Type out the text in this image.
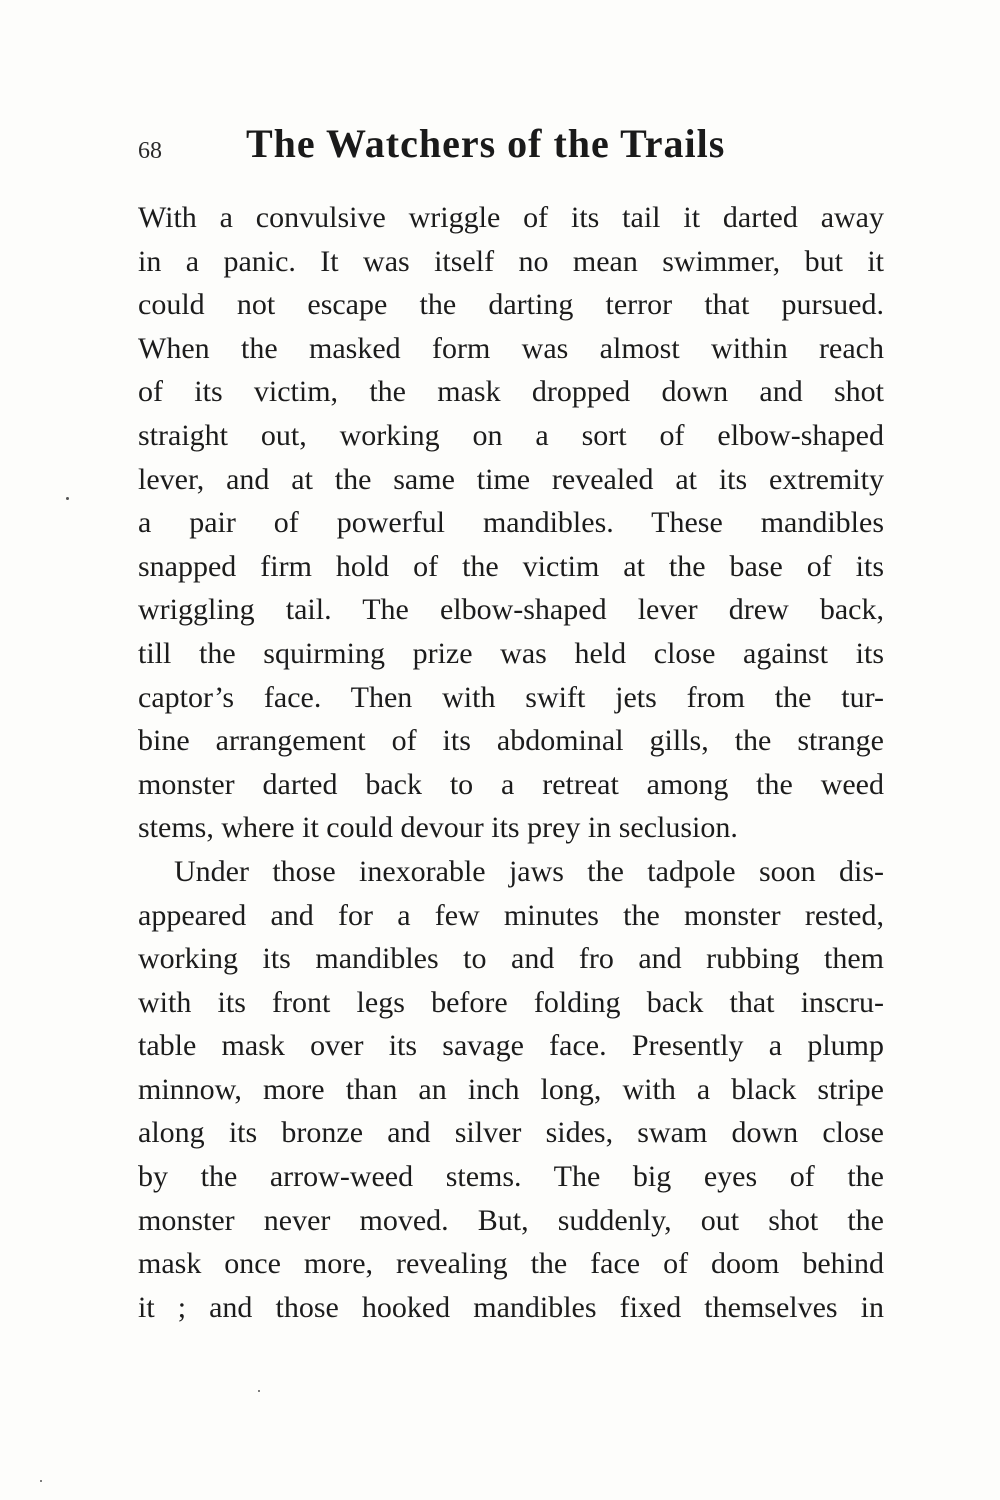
68 The Watchers of the Trails
With a convulsive wriggle of its tail it darted away
in a panic. It was itself no mean swimmer, but it
could not escape the darting terror that pursued.
When the masked form was almost within reach
of its victim, the mask dropped down and shot
straight out, working on a sort of elbow-shaped
lever, and at the same time revealed at its extremity
a pair of powerful mandibles. These mandibles
snapped firm hold of the victim at the base of its
wriggling tail. The elbow-shaped lever drew back,
till the squirming prize was held close against its
captor’s face. Then with swift jets from the tur-
bine arrangement of its abdominal gills, the strange
monster darted back to a retreat among the weed
stems, where it could devour its prey in seclusion.
Under those inexorable jaws the tadpole soon dis-
appeared and for a few minutes the monster rested,
working its mandibles to and fro and rubbing them
with its front legs before folding back that inscru-
table mask over its savage face. Presently a plump
minnow, more than an inch long, with a black stripe
along its bronze and silver sides, swam down close
by the arrow-weed stems. The big eyes of the
monster never moved. But, suddenly, out shot the
mask once more, revealing the face of doom behind
it ; and those hooked mandibles fixed themselves in
